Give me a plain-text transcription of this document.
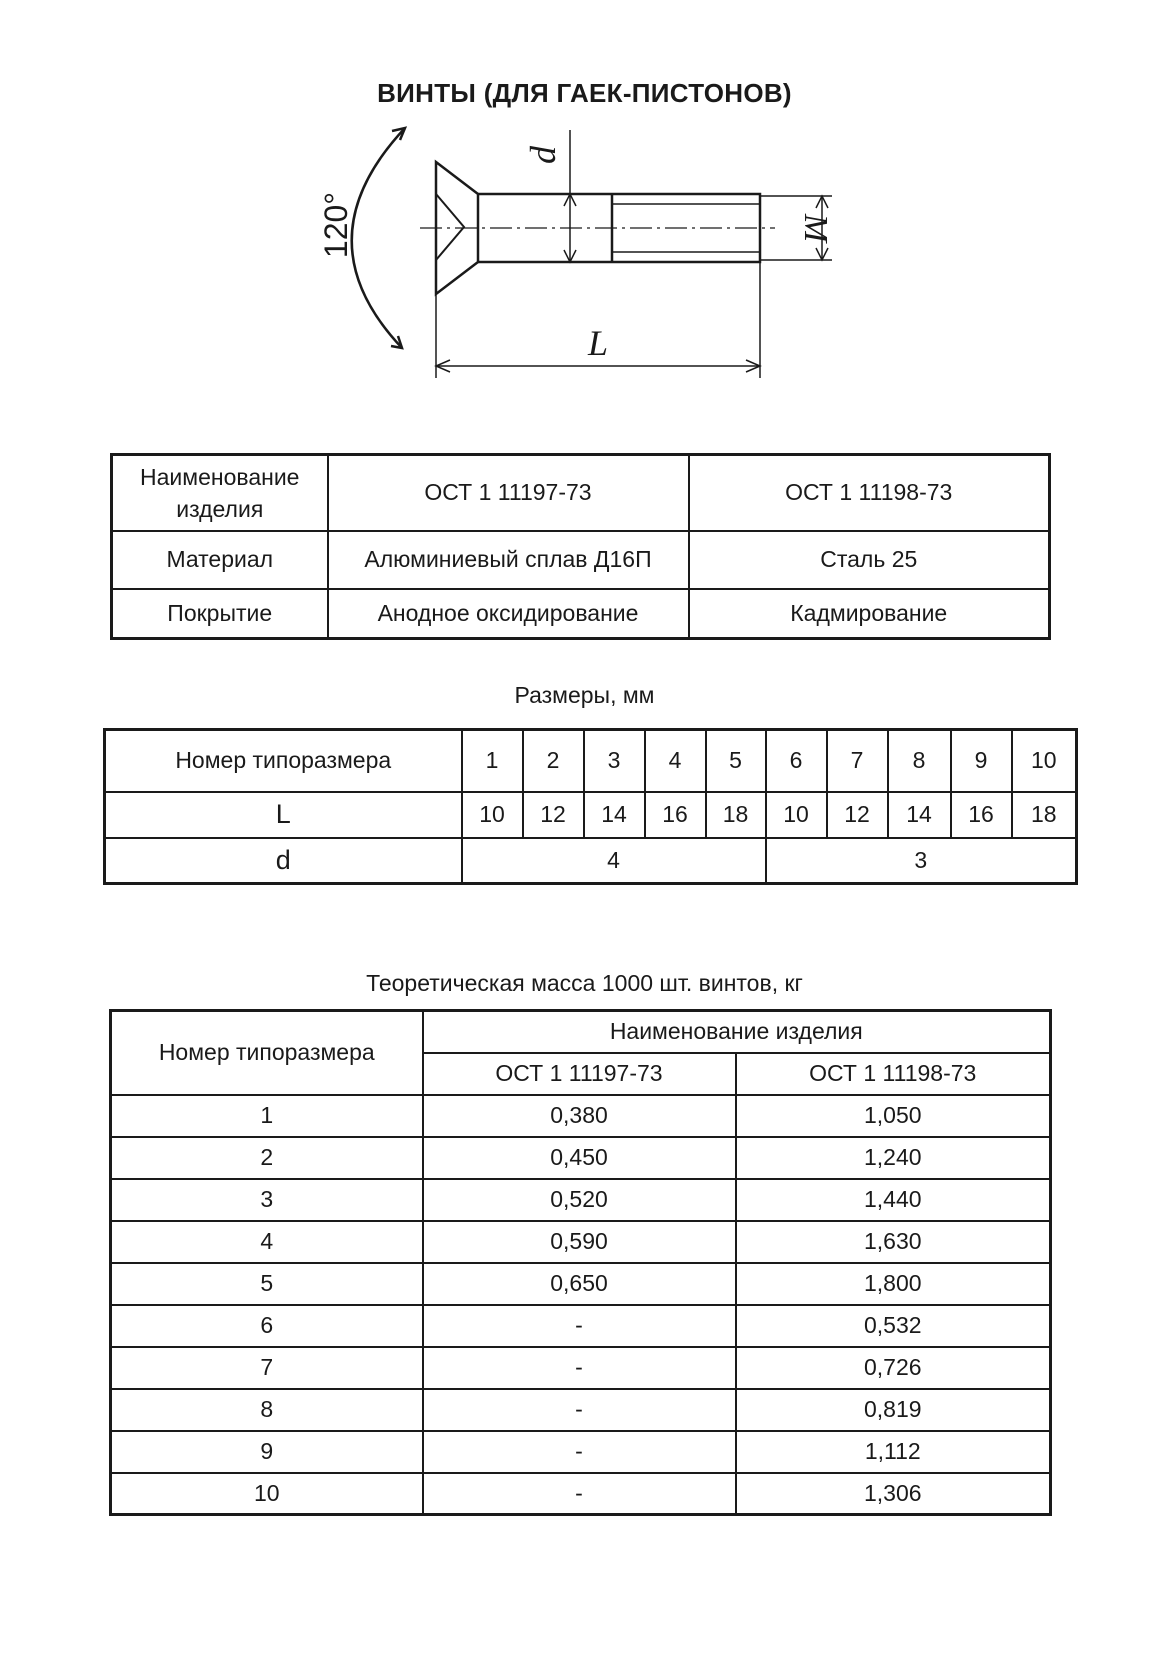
ВИНТЫ (ДЛЯ ГАЕК-ПИСТОНОВ)
120°
d
M
L
Наименование изделия	ОСТ 1 11197-73	ОСТ 1 11198-73
Материал	Алюминиевый сплав Д16П	Сталь 25
Покрытие	Анодное оксидирование	Кадмирование
Размеры, мм
Номер типоразмера	1	2	3	4	5	6	7	8	9	10
L	10	12	14	16	18	10	12	14	16	18
d	4					3				
Теоретическая масса 1000 шт. винтов, кг
Номер типоразмера	Наименование изделия	
	ОСТ 1 11197-73	ОСТ 1 11198-73
1	0,380	1,050
2	0,450	1,240
3	0,520	1,440
4	0,590	1,630
5	0,650	1,800
6	-	0,532
7	-	0,726
8	-	0,819
9	-	1,112
10	-	1,306
